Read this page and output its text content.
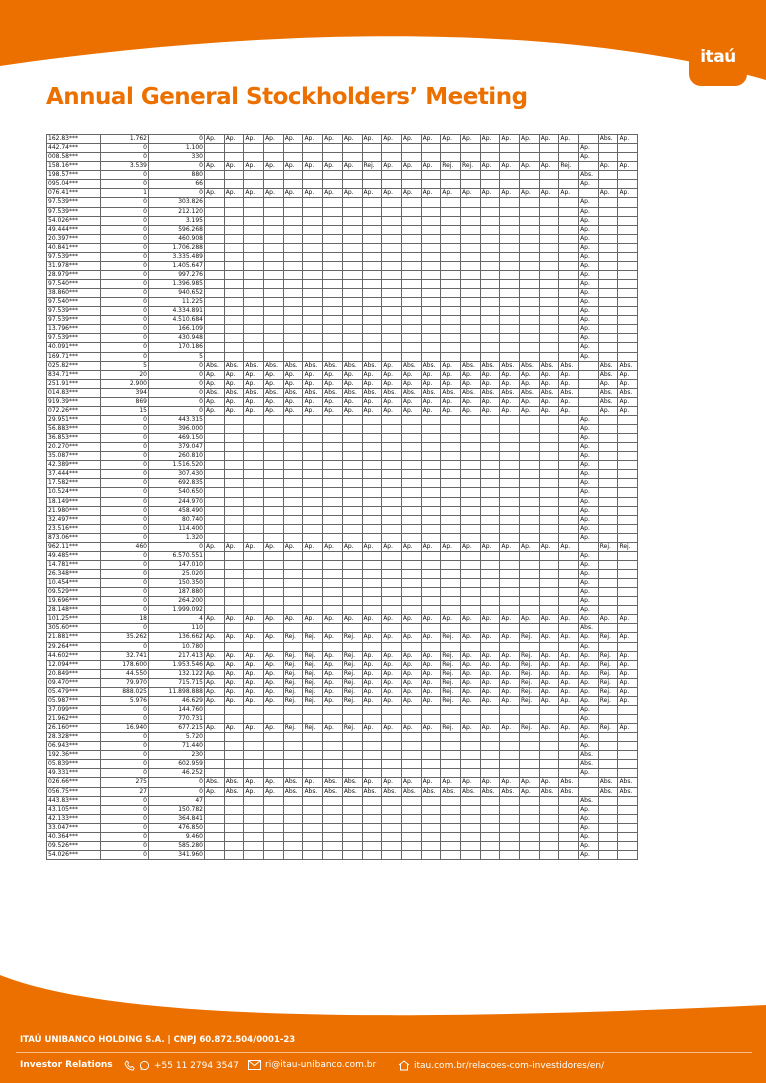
itaú
Annual General Stockholders’ Meeting
162.83***	1.762	0	Ap.	Ap.	Ap.	Ap.	Ap.	Ap.	Ap.	Ap.	Ap.	Ap.	Ap.	Ap.	Ap.	Ap.	Ap.	Ap.	Ap.	Ap.	Ap.		Abs.	Ap.
442.74***	0	1.100																				Ap.		
008.58***	0	330																				Ap.		
158.16***	3.539	0	Ap.	Ap.	Ap.	Ap.	Ap.	Ap.	Ap.	Ap.	Rej.	Ap.	Ap.	Ap.	Rej.	Rej.	Ap.	Ap.	Ap.	Ap.	Rej.		Ap.	Ap.
198.57***	0	880																				Abs.		
095.04***	0	66																				Ap.		
076.41***	1	0	Ap.	Ap.	Ap.	Ap.	Ap.	Ap.	Ap.	Ap.	Ap.	Ap.	Ap.	Ap.	Ap.	Ap.	Ap.	Ap.	Ap.	Ap.	Ap.		Ap.	Ap.
97.539***	0	303.826																				Ap.		
97.539***	0	212.120																				Ap.		
54.026***	0	3.195																				Ap.		
49.444***	0	596.268																				Ap.		
20.397***	0	460.908																				Ap.		
40.841***	0	1.706.288																				Ap.		
97.539***	0	3.335.489																				Ap.		
31.978***	0	1.405.647																				Ap.		
28.979***	0	997.276																				Ap.		
97.540***	0	1.396.985																				Ap.		
38.860***	0	940.652																				Ap.		
97.540***	0	11.225																				Ap.		
97.539***	0	4.334.891																				Ap.		
97.539***	0	4.510.684																				Ap.		
13.796***	0	166.109																				Ap.		
97.539***	0	430.948																				Ap.		
40.091***	0	170.186																				Ap.		
169.71***	0	5																				Ap.		
025.82***	5	0	Abs.	Abs.	Abs.	Abs.	Abs.	Abs.	Abs.	Abs.	Abs.	Ap.	Abs.	Abs.	Ap.	Abs.	Abs.	Abs.	Abs.	Abs.	Abs.		Abs.	Abs.
834.71***	20	0	Ap.	Ap.	Ap.	Ap.	Ap.	Ap.	Ap.	Ap.	Ap.	Ap.	Ap.	Ap.	Ap.	Ap.	Ap.	Ap.	Ap.	Ap.	Ap.		Abs.	Ap.
251.91***	2.900	0	Ap.	Ap.	Ap.	Ap.	Ap.	Ap.	Ap.	Ap.	Ap.	Ap.	Ap.	Ap.	Ap.	Ap.	Ap.	Ap.	Ap.	Ap.	Ap.		Ap.	Ap.
014.83***	394	0	Abs.	Abs.	Abs.	Abs.	Abs.	Abs.	Abs.	Abs.	Abs.	Abs.	Abs.	Abs.	Abs.	Abs.	Abs.	Abs.	Abs.	Abs.	Abs.		Abs.	Abs.
919.39***	869	0	Ap.	Ap.	Ap.	Ap.	Ap.	Ap.	Ap.	Ap.	Ap.	Ap.	Ap.	Ap.	Ap.	Ap.	Ap.	Ap.	Ap.	Ap.	Ap.		Abs.	Ap.
072.26***	15	0	Ap.	Ap.	Ap.	Ap.	Ap.	Ap.	Ap.	Ap.	Ap.	Ap.	Ap.	Ap.	Ap.	Ap.	Ap.	Ap.	Ap.	Ap.	Ap.		Ap.	Ap.
29.951***	0	443.315																				Ap.		
56.883***	0	396.000																				Ap.		
36.853***	0	469.150																				Ap.		
20.270***	0	379.047																				Ap.		
35.087***	0	260.810																				Ap.		
42.389***	0	1.516.520																				Ap.		
37.444***	0	307.430																				Ap.		
17.582***	0	692.835																				Ap.		
10.524***	0	540.650																				Ap.		
18.149***	0	244.970																				Ap.		
21.980***	0	458.490																				Ap.		
32.497***	0	80.740																				Ap.		
23.516***	0	114.400																				Ap.		
873.06***	0	1.320																				Ap.		
962.11***	460	0	Ap.	Ap.	Ap.	Ap.	Ap.	Ap.	Ap.	Ap.	Ap.	Ap.	Ap.	Ap.	Ap.	Ap.	Ap.	Ap.	Ap.	Ap.	Ap.		Rej.	Rej.
49.485***	0	6.570.551																				Ap.		
14.781***	0	147.010																				Ap.		
26.348***	0	25.020																				Ap.		
10.454***	0	150.350																				Ap.		
09.529***	0	187.880																				Ap.		
19.696***	0	264.200																				Ap.		
28.148***	0	1.999.092																				Ap.		
101.25***	18	4	Ap.	Ap.	Ap.	Ap.	Ap.	Ap.	Ap.	Ap.	Ap.	Ap.	Ap.	Ap.	Ap.	Ap.	Ap.	Ap.	Ap.	Ap.	Ap.	Ap.	Ap.	Ap.
305.60***	0	110																				Abs.		
21.881***	35.262	136.662	Ap.	Ap.	Ap.	Ap.	Rej.	Rej.	Ap.	Rej.	Ap.	Ap.	Ap.	Ap.	Rej.	Ap.	Ap.	Ap.	Rej.	Ap.	Ap.	Ap.	Rej.	Ap.
29.264***	0	10.780																				Ap.		
44.602***	32.741	217.413	Ap.	Ap.	Ap.	Ap.	Rej.	Rej.	Ap.	Rej.	Ap.	Ap.	Ap.	Ap.	Rej.	Ap.	Ap.	Ap.	Rej.	Ap.	Ap.	Ap.	Rej.	Ap.
12.094***	178.600	1.953.546	Ap.	Ap.	Ap.	Ap.	Rej.	Rej.	Ap.	Rej.	Ap.	Ap.	Ap.	Ap.	Rej.	Ap.	Ap.	Ap.	Rej.	Ap.	Ap.	Ap.	Rej.	Ap.
20.849***	44.550	132.122	Ap.	Ap.	Ap.	Ap.	Rej.	Rej.	Ap.	Rej.	Ap.	Ap.	Ap.	Ap.	Rej.	Ap.	Ap.	Ap.	Rej.	Ap.	Ap.	Ap.	Rej.	Ap.
09.470***	79.970	715.715	Ap.	Ap.	Ap.	Ap.	Rej.	Rej.	Ap.	Rej.	Ap.	Ap.	Ap.	Ap.	Rej.	Ap.	Ap.	Ap.	Rej.	Ap.	Ap.	Ap.	Rej.	Ap.
05.479***	888.025	11.898.888	Ap.	Ap.	Ap.	Ap.	Rej.	Rej.	Ap.	Rej.	Ap.	Ap.	Ap.	Ap.	Rej.	Ap.	Ap.	Ap.	Rej.	Ap.	Ap.	Ap.	Rej.	Ap.
05.987***	5.976	46.629	Ap.	Ap.	Ap.	Ap.	Rej.	Rej.	Ap.	Rej.	Ap.	Ap.	Ap.	Ap.	Rej.	Ap.	Ap.	Ap.	Rej.	Ap.	Ap.	Ap.	Rej.	Ap.
37.099***	0	144.760																				Ap.		
21.962***	0	770.731																				Ap.		
26.160***	16.940	677.215	Ap.	Ap.	Ap.	Ap.	Rej.	Rej.	Ap.	Rej.	Ap.	Ap.	Ap.	Ap.	Rej.	Ap.	Ap.	Ap.	Rej.	Ap.	Ap.	Ap.	Rej.	Ap.
28.328***	0	5.720																				Ap.		
06.943***	0	71.440																				Ap.		
192.36***	0	230																				Abs.		
05.839***	0	602.959																				Abs.		
49.331***	0	46.252																				Ap.		
026.66***	275	0	Abs.	Abs.	Ap.	Ap.	Abs.	Ap.	Abs.	Abs.	Ap.	Ap.	Ap.	Ap.	Ap.	Ap.	Ap.	Ap.	Ap.	Ap.	Abs.		Abs.	Abs.
056.75***	27	0	Ap.	Abs.	Ap.	Ap.	Abs.	Abs.	Abs.	Abs.	Abs.	Abs.	Abs.	Abs.	Abs.	Abs.	Abs.	Abs.	Ap.	Abs.	Abs.		Abs.	Abs.
443.83***	0	47																				Abs.		
43.105***	0	150.782																				Ap.		
42.133***	0	364.841																				Ap.		
33.047***	0	476.850																				Ap.		
40.364***	0	9.460																				Ap.		
09.526***	0	585.280																				Ap.		
54.026***	0	341.960																				Ap.		
ITAÚ UNIBANCO HOLDING S.A. | CNPJ 60.872.504/0001-23
Investor Relations	+55 11 2794 3547	ri@itau-unibanco.com.br	itau.com.br/relacoes-com-investidores/en/
